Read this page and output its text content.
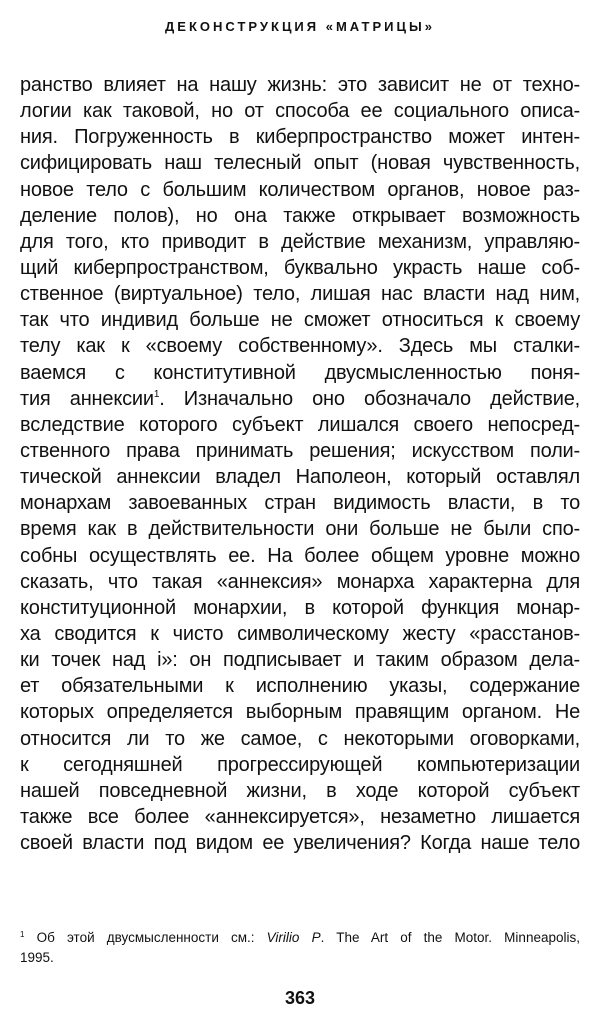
ДЕКОНСТРУКЦИЯ «МАТРИЦЫ»
ранство влияет на нашу жизнь: это зависит не от техно-
логии как таковой, но от способа ее социального описа-
ния. Погруженность в киберпространство может интен-
сифицировать наш телесный опыт (новая чувственность,
новое тело с большим количеством органов, новое раз-
деление полов), но она также открывает возможность
для того, кто приводит в действие механизм, управляю-
щий киберпространством, буквально украсть наше соб-
ственное (виртуальное) тело, лишая нас власти над ним,
так что индивид больше не сможет относиться к своему
телу как к «своему собственному». Здесь мы сталки-
ваемся с конститутивной двусмысленностью поня-
тия аннексии$^1$. Изначально оно обозначало действие,
вследствие которого субъект лишался своего непосред-
ственного права принимать решения; искусством поли-
тической аннексии владел Наполеон, который оставлял
монархам завоеванных стран видимость власти, в то
время как в действительности они больше не были спо-
собны осуществлять ее. На более общем уровне можно
сказать, что такая «аннексия» монарха характерна для
конституционной монархии, в которой функция монар-
ха сводится к чисто символическому жесту «расстанов-
ки точек над i»: он подписывает и таким образом дела-
ет обязательными к исполнению указы, содержание
которых определяется выборным правящим органом. Не
относится ли то же самое, с некоторыми оговорками,
к сегодняшней прогрессирующей компьютеризации
нашей повседневной жизни, в ходе которой субъект
также все более «аннексируется», незаметно лишается
своей власти под видом ее увеличения? Когда наше тело
$^1$ Об этой двусмысленности см.: Virilio P. The Art of the Motor. Minneapolis,
1995.
363
